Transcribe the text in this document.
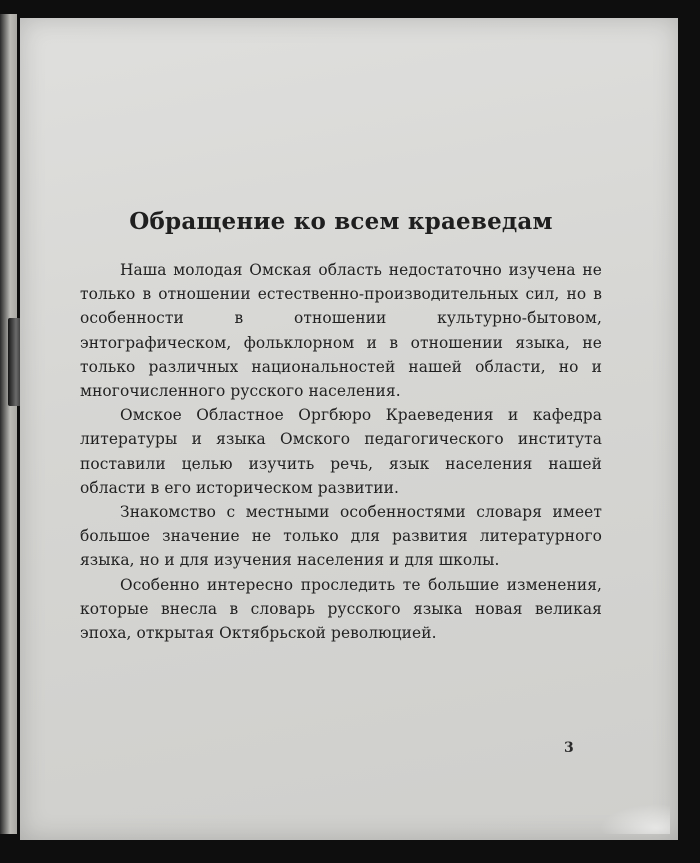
Обращение ко всем краеведам

Наша молодая Омская область недостаточно изучена не только в отношении естественно-производительных сил, но в особенности в отношении культурно-бытовом, энтографическом, фольклорном и в отношении языка, не только различных национальностей нашей области, но и многочисленного русского населения.

Омское Областное Оргбюро Краеведения и кафедра литературы и языка Омского педагогического института поставили целью изучить речь, язык населения нашей области в его историческом развитии.

Знакомство с местными особенностями словаря имеет большое значение не только для развития литературного языка, но и для изучения населения и для школы.

Особенно интересно проследить те большие изменения, которые внесла в словарь русского языка новая великая эпоха, открытая Октябрьской революцией.

3
